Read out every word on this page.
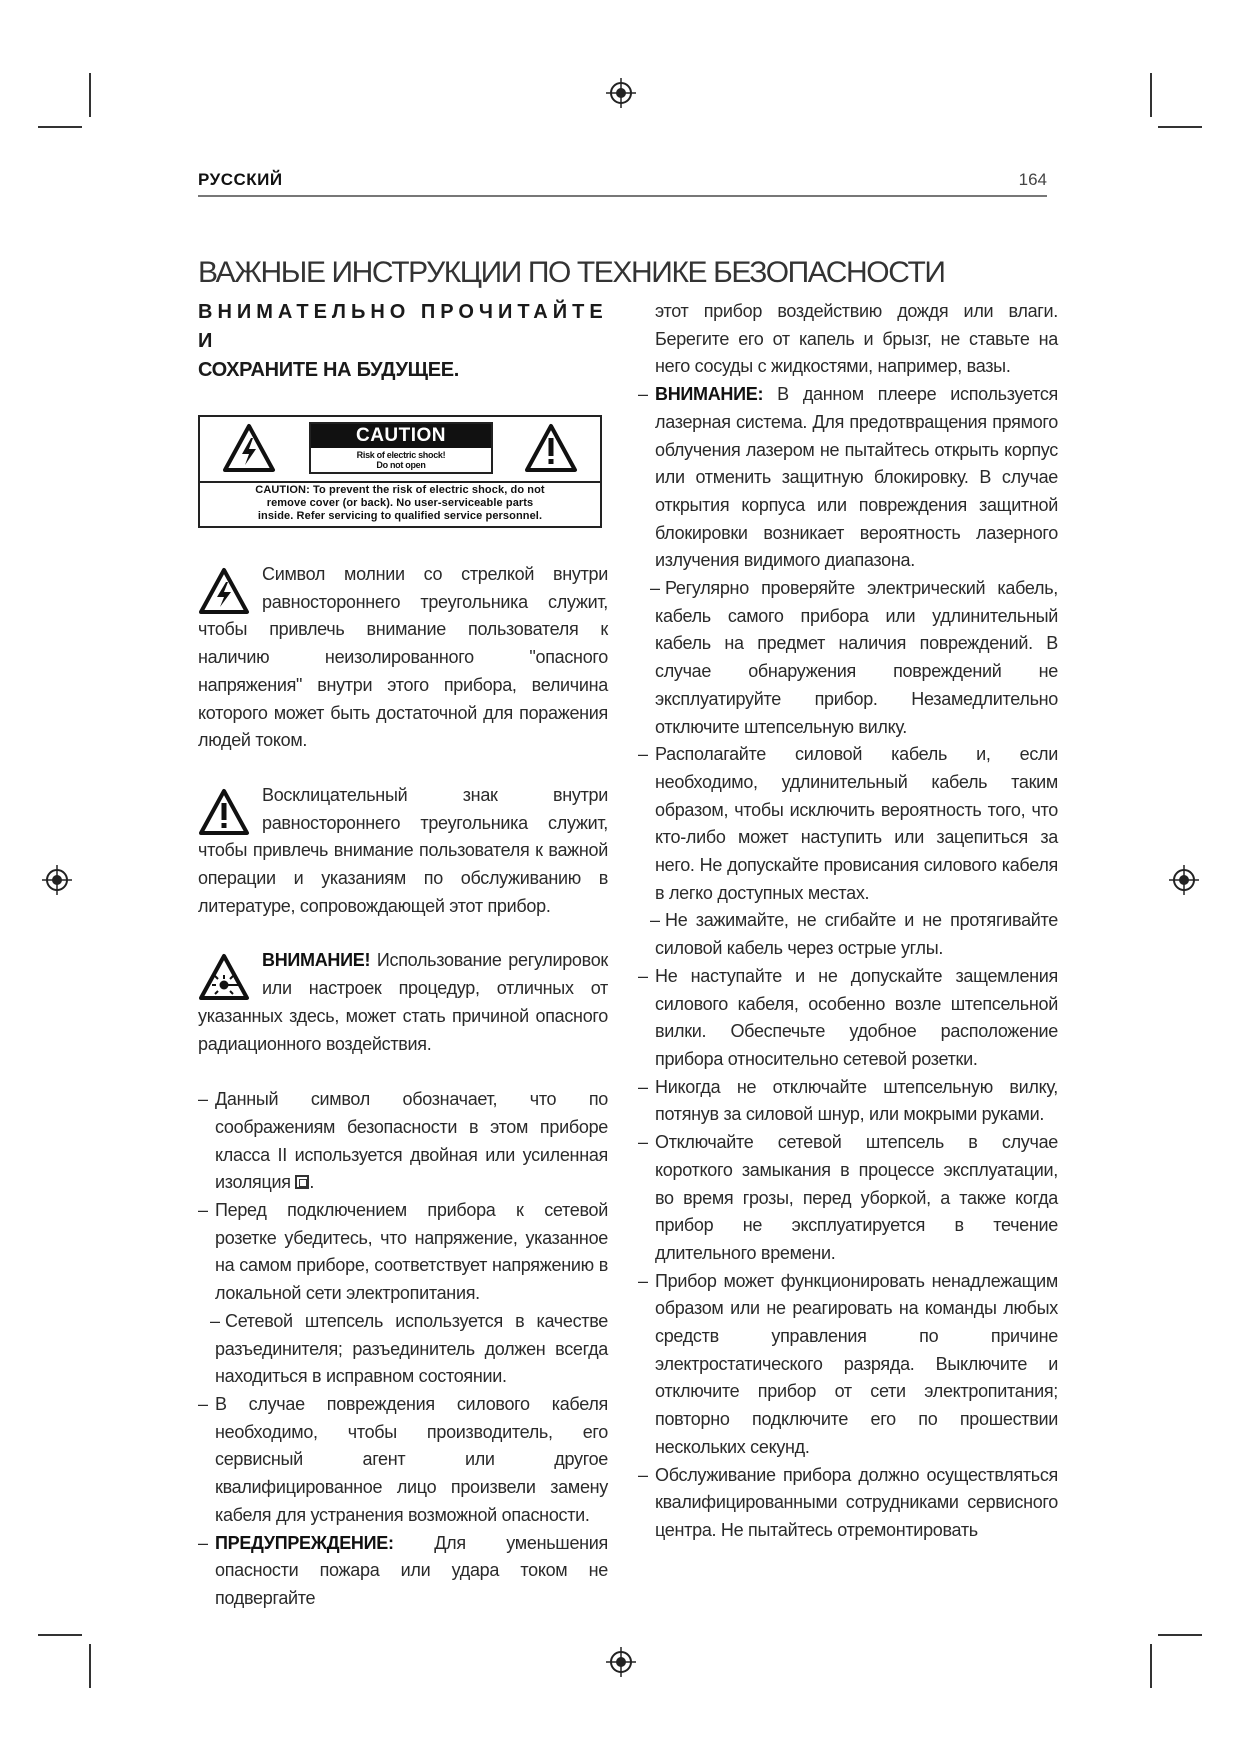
РУССКИЙ	164
ВАЖНЫЕ ИНСТРУКЦИИ ПО ТЕХНИКЕ БЕЗОПАСНОСТИ
ВНИМАТЕЛЬНО ПРОЧИТАЙТЕ И
СОХРАНИТЕ НА БУДУЩЕЕ.
CAUTION
Risk of electric shock!
Do not open
CAUTION: To prevent the risk of electric shock, do not
remove cover (or back). No user-serviceable parts
inside. Refer servicing to qualified service personnel.

Символ молнии со стрелкой внутри равностороннего треугольника служит, чтобы привлечь внимание пользователя к наличию неизолированного "опасного напряжения" внутри этого прибора, величина которого может быть достаточной для поражения людей током.

Восклицательный знак внутри равностороннего треугольника служит, чтобы привлечь внимание пользователя к важной операции и указаниям по обслуживанию в литературе, сопровождающей этот прибор.

ВНИМАНИЕ! Использование регулировок или настроек процедур, отличных от указанных здесь, может стать причиной опасного радиационного воздействия.

– Данный символ обозначает, что по соображениям безопасности в этом приборе класса II используется двойная или усиленная изоляция .
– Перед подключением прибора к сетевой розетке убедитесь, что напряжение, указанное на самом приборе, соответствует напряжению в локальной сети электропитания.
– Сетевой штепсель используется в качестве разъединителя; разъединитель должен всегда находиться в исправном состоянии.
– В случае повреждения силового кабеля необходимо, чтобы производитель, его сервисный агент или другое квалифицированное лицо произвели замену кабеля для устранения возможной опасности.
– ПРЕДУПРЕЖДЕНИЕ: Для уменьшения опасности пожара или удара током не подвергайте
этот прибор воздействию дождя или влаги. Берегите его от капель и брызг, не ставьте на него сосуды с жидкостями, например, вазы.
– ВНИМАНИЕ: В данном плеере используется лазерная система. Для предотвращения прямого облучения лазером не пытайтесь открыть корпус или отменить защитную блокировку. В случае открытия корпуса или повреждения защитной блокировки возникает вероятность лазерного излучения видимого диапазона.
– Регулярно проверяйте электрический кабель, кабель самого прибора или удлинительный кабель на предмет наличия повреждений. В случае обнаружения повреждений не эксплуатируйте прибор. Незамедлительно отключите штепсельную вилку.
– Располагайте силовой кабель и, если необходимо, удлинительный кабель таким образом, чтобы исключить вероятность того, что кто-либо может наступить или зацепиться за него. Не допускайте провисания силового кабеля в легко доступных местах.
– Не зажимайте, не сгибайте и не протягивайте силовой кабель через острые углы.
– Не наступайте и не допускайте защемления силового кабеля, особенно возле штепсельной вилки. Обеспечьте удобное расположение прибора относительно сетевой розетки.
– Никогда не отключайте штепсельную вилку, потянув за силовой шнур, или мокрыми руками.
– Отключайте сетевой штепсель в случае короткого замыкания в процессе эксплуатации, во время грозы, перед уборкой, а также когда прибор не эксплуатируется в течение длительного времени.
– Прибор может функционировать ненадлежащим образом или не реагировать на команды любых средств управления по причине электростатического разряда. Выключите и отключите прибор от сети электропитания; повторно подключите его по прошествии нескольких секунд.
– Обслуживание прибора должно осуществляться квалифицированными сотрудниками сервисного центра. Не пытайтесь отремонтировать
